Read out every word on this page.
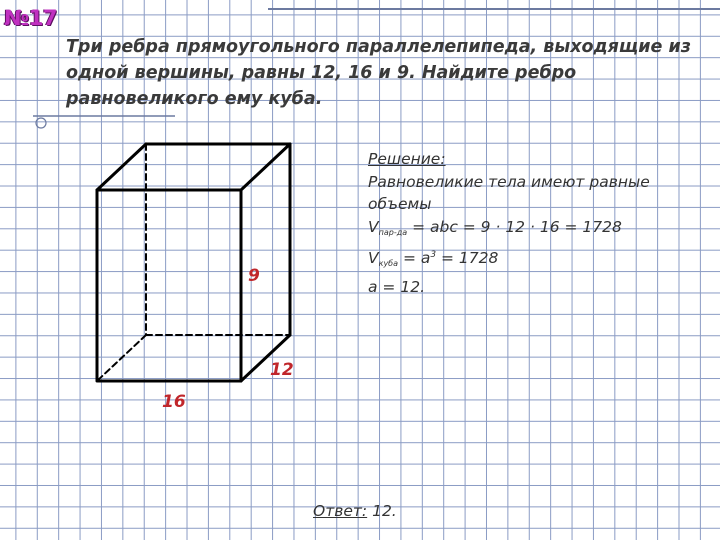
№17

Три ребра прямоугольного параллелепипеда, выходящие из одной вершины, равны 12, 16 и 9. Найдите ребро равновеликого ему куба.

9
12
16
Решение:
Равновеликие тела имеют равные
объемы
$V_{пар-да}$ = abc = 9 · 12 · 16 = 1728
$V_{куба} = a^3 = 1728$
a = 12.
Ответ: 12.
